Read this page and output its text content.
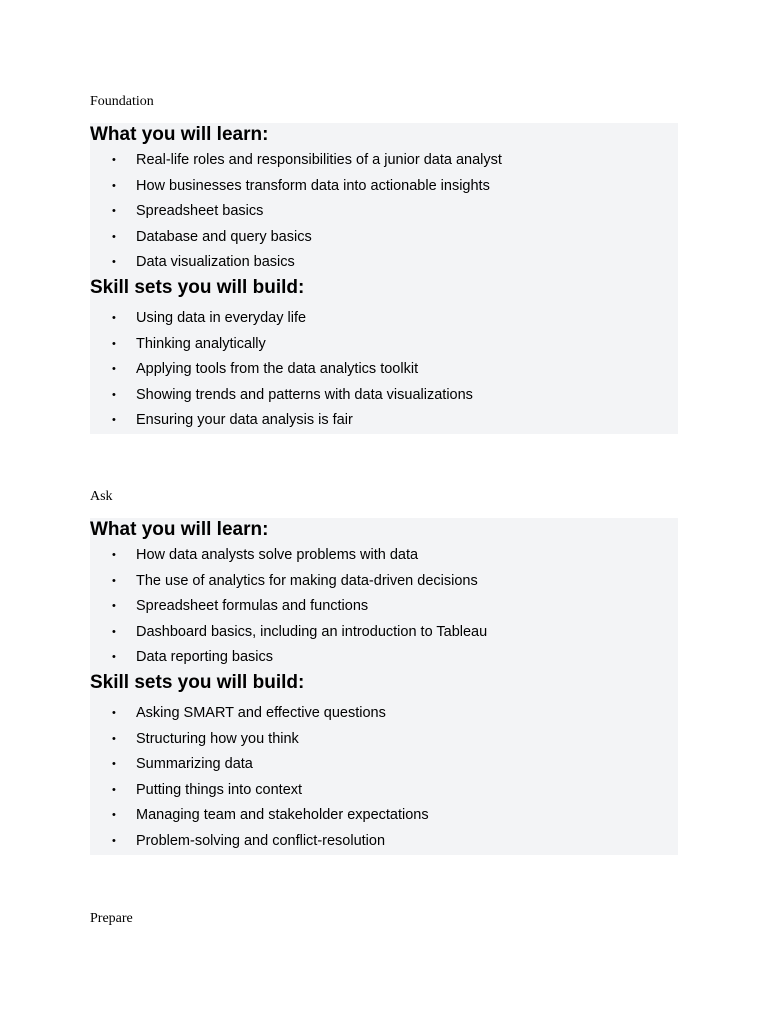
Foundation

What you will learn:
•	Real-life roles and responsibilities of a junior data analyst
•	How businesses transform data into actionable insights
•	Spreadsheet basics
•	Database and query basics
•	Data visualization basics
Skill sets you will build:
•	Using data in everyday life
•	Thinking analytically
•	Applying tools from the data analytics toolkit
•	Showing trends and patterns with data visualizations
•	Ensuring your data analysis is fair

Ask

What you will learn:
•	How data analysts solve problems with data
•	The use of analytics for making data-driven decisions
•	Spreadsheet formulas and functions
•	Dashboard basics, including an introduction to Tableau
•	Data reporting basics
Skill sets you will build:
•	Asking SMART and effective questions
•	Structuring how you think
•	Summarizing data
•	Putting things into context
•	Managing team and stakeholder expectations
•	Problem-solving and conflict-resolution

Prepare
